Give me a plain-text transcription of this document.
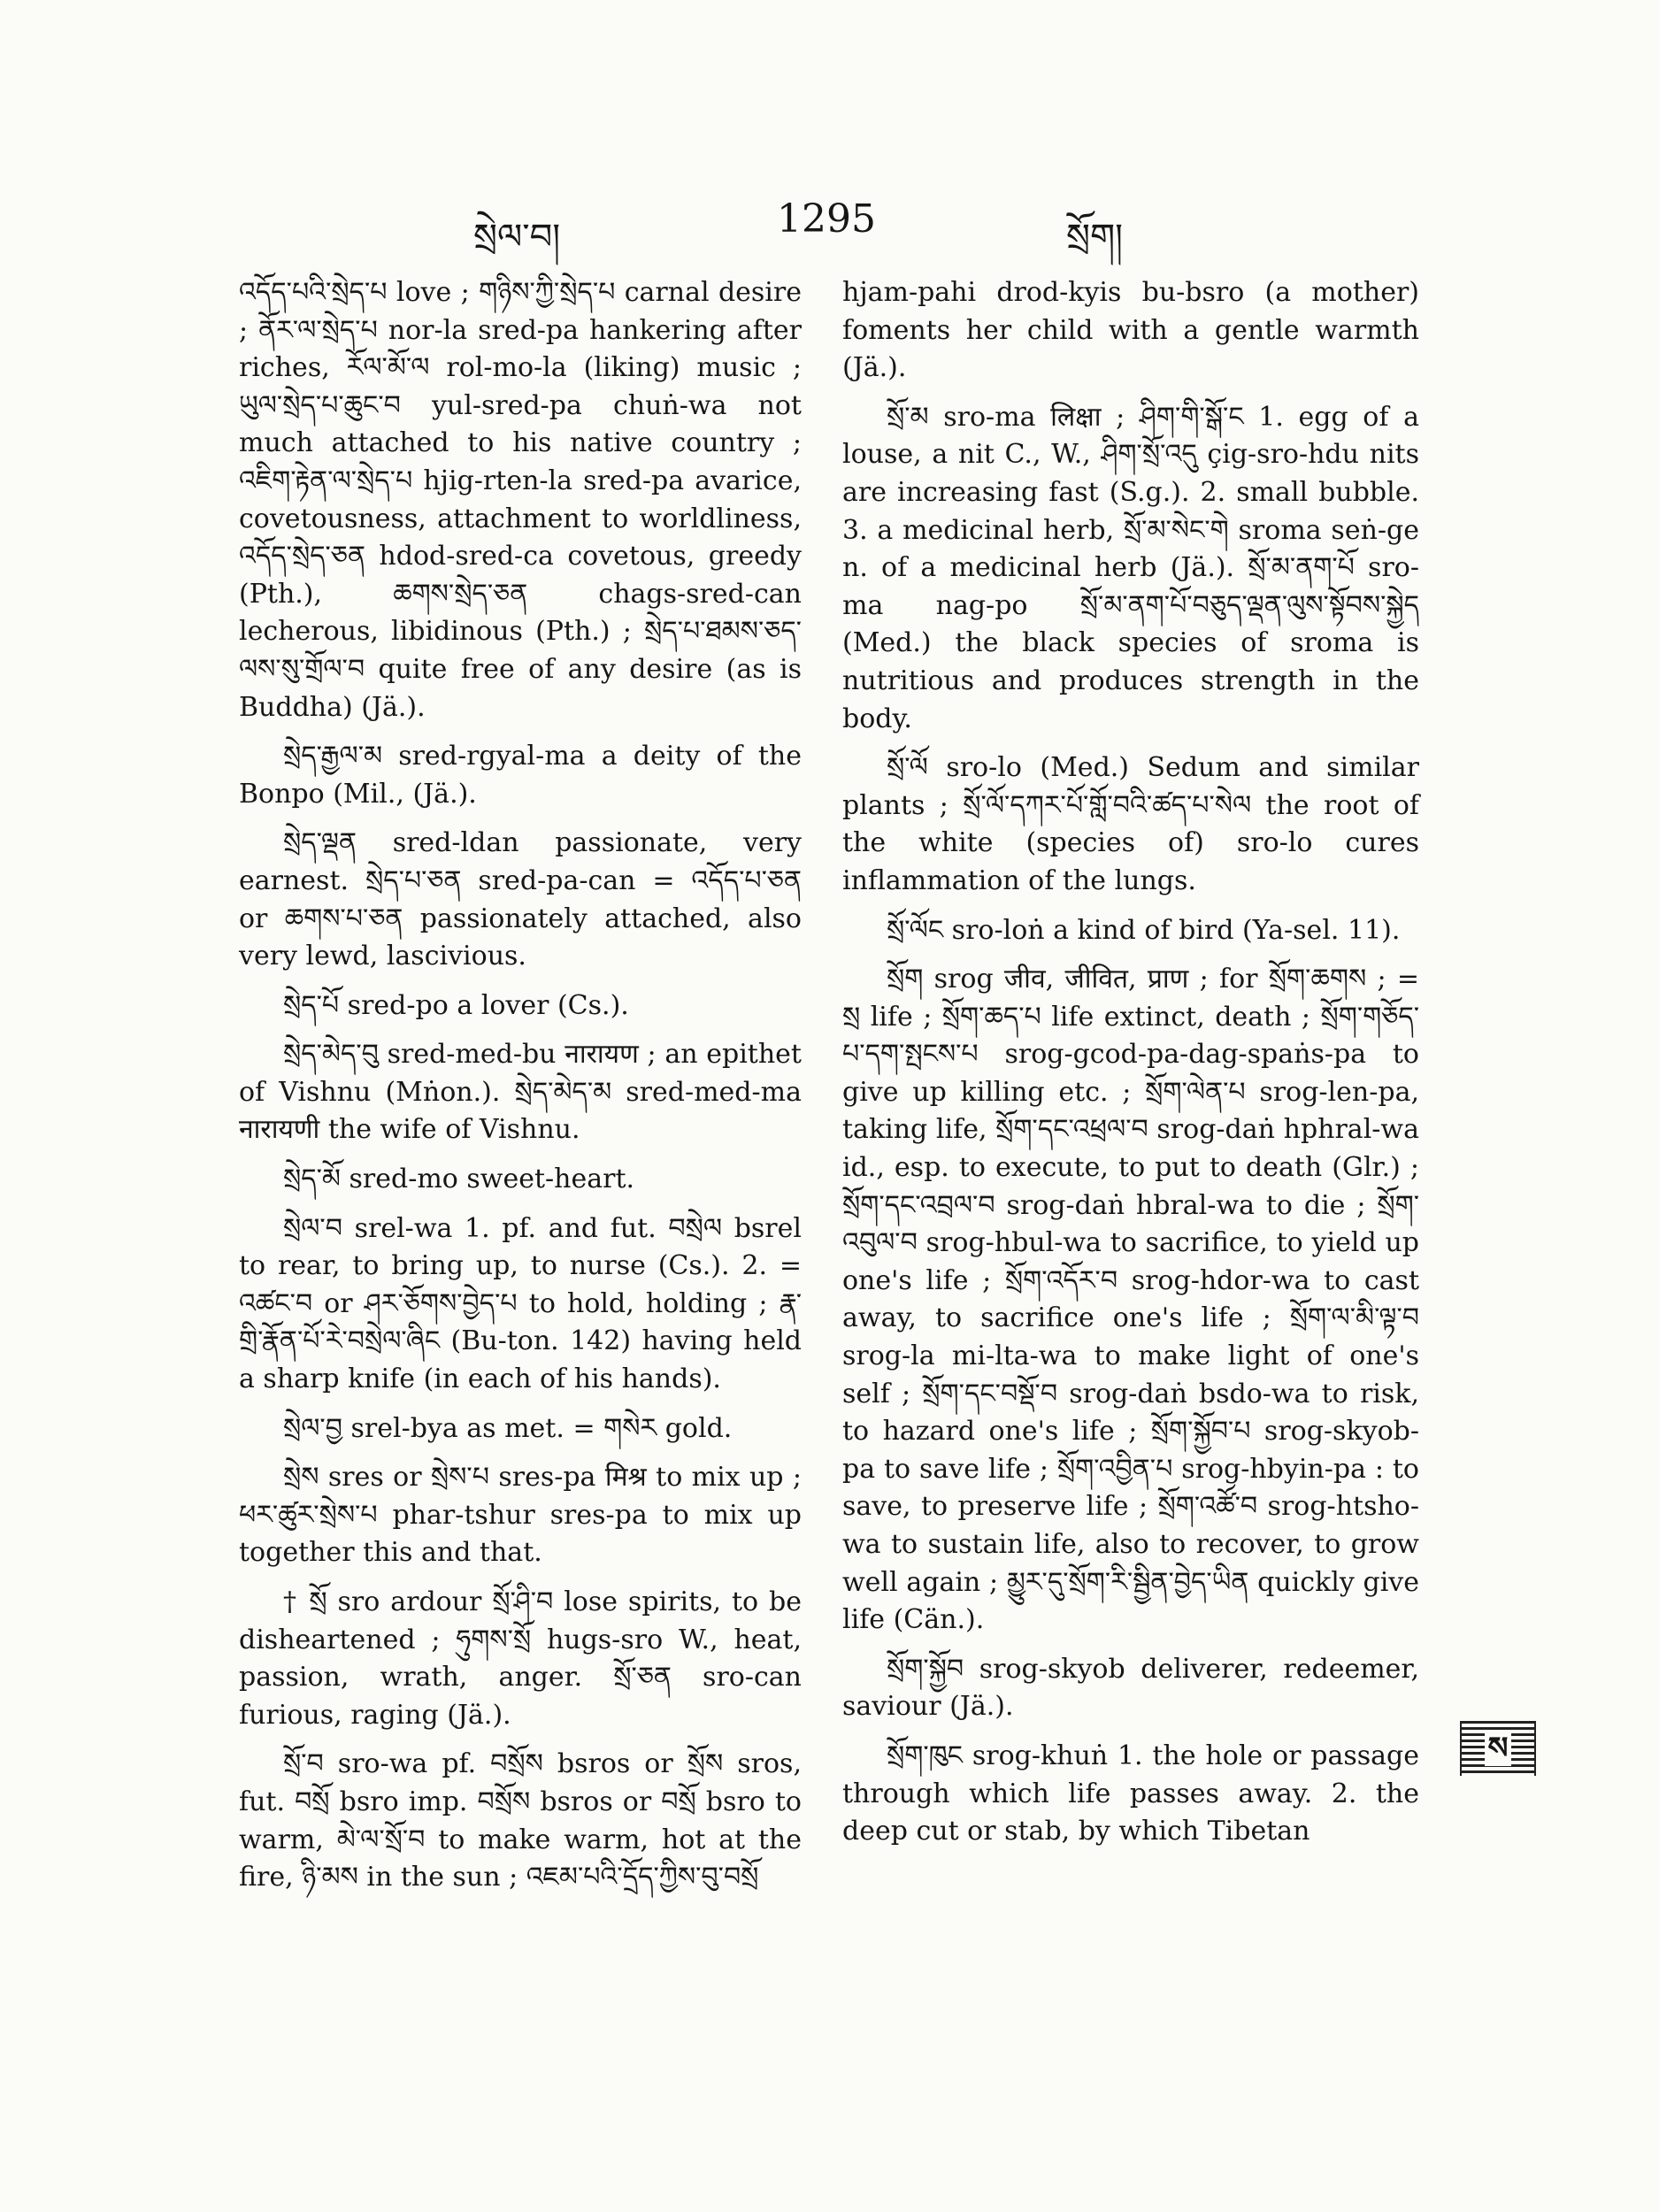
སྲེལ་བ།	1295	སྲོག།

འདོད་པའི་སྲེད་པ love ; གཉིས་ཀྱི་སྲེད་པ carnal desire ; ནོར་ལ་སྲེད་པ nor-la sred-pa hankering after riches, རོལ་མོ་ལ rol-mo-la (liking) music ; ཡུལ་སྲེད་པ་ཆུང་བ yul-sred-pa chuṅ-wa not much attached to his native country ; འཇིག་རྟེན་ལ་སྲེད་པ hjig-rten-la sred-pa avarice, covetousness, attachment to worldliness, འདོད་སྲེད་ཅན hdod-sred-ca covetous, greedy (Pth.), ཆགས་སྲེད་ཅན chags-sred-can lecherous, libidinous (Pth.) ; སྲེད་པ་ཐམས་ཅད་ལས་སུ་གྲོལ་བ quite free of any desire (as is Buddha) (Jä.).

སྲེད་རྒྱལ་མ sred-rgyal-ma a deity of the Bonpo (Mil., (Jä.).

སྲེད་ལྡན sred-ldan passionate, very earnest. སྲེད་པ་ཅན sred-pa-can = འདོད་པ་ཅན or ཆགས་པ་ཅན passionately attached, also very lewd, lascivious.

སྲེད་པོ sred-po a lover (Cs.).

སྲེད་མེད་བུ sred-med-bu नारायण ; an epithet of Vishnu (Mṅon.). སྲེད་མེད་མ sred-med-ma नारायणी the wife of Vishnu.

སྲེད་མོ sred-mo sweet-heart.

སྲེལ་བ srel-wa 1. pf. and fut. བསྲེལ bsrel to rear, to bring up, to nurse (Cs.). 2. = འཚང་བ or ཤར་ཅོགས་བྱེད་པ to hold, holding ; རྣ་གྲི་རྣོན་པོ་རེ་བསྲེལ་ཞིང (Bu-ton. 142) having held a sharp knife (in each of his hands).

སྲེལ་བྱ srel-bya as met. = གསེར gold.

སྲེས sres or སྲེས་པ sres-pa मिश्र to mix up ; ཕར་ཚུར་སྲེས་པ phar-tshur sres-pa to mix up together this and that.

† སྲོ sro ardour སྲོ་ཤི་བ lose spirits, to be disheartened ; ཧུགས་སྲོ hugs-sro W., heat, passion, wrath, anger. སྲོ་ཅན sro-can furious, raging (Jä.).

སྲོ་བ sro-wa pf. བསྲོས bsros or སྲོས sros, fut. བསྲོ bsro imp. བསྲོས bsros or བསྲོ bsro to warm, མེ་ལ་སྲོ་བ to make warm, hot at the fire, ཉི་མས in the sun ; འཇམ་པའི་དྲོད་ཀྱིས་བུ་བསྲོ

hjam-pahi drod-kyis bu-bsro (a mother) foments her child with a gentle warmth (Jä.).

སྲོ་མ sro-ma लिक्षा ; ཤིག་གི་སྒོ་ང 1. egg of a louse, a nit C., W., ཤིག་སྲོ་འདུ çig-sro-hdu nits are increasing fast (S.g.). 2. small bubble. 3. a medicinal herb, སྲོ་མ་སེང་གེ sroma seṅ-ge n. of a medicinal herb (Jä.). སྲོ་མ་ནག་པོ sro-ma nag-po སྲོ་མ་ནག་པོ་བཅུད་ལྡན་ལུས་སྟོབས་སྐྱེད (Med.) the black species of sroma is nutritious and produces strength in the body.

སྲོ་ལོ sro-lo (Med.) Sedum and similar plants ; སྲོ་ལོ་དཀར་པོ་གློ་བའི་ཚད་པ་སེལ the root of the white (species of) sro-lo cures inflammation of the lungs.

སྲོ་ལོང sro-loṅ a kind of bird (Ya-sel. 11).

སྲོག srog जीव, जीवित, प्राण ; for སྲོག་ཆགས ; = སྲ life ; སྲོག་ཆད་པ life extinct, death ; སྲོག་གཅོད་པ་དག་སྤངས་པ srog-gcod-pa-dag-spaṅs-pa to give up killing etc. ; སྲོག་ལེན་པ srog-len-pa, taking life, སྲོག་དང་འཕྲལ་བ srog-daṅ hphral-wa id., esp. to execute, to put to death (Glr.) ; སྲོག་དང་འབྲལ་བ srog-daṅ hbral-wa to die ; སྲོག་འབུལ་བ srog-hbul-wa to sacrifice, to yield up one's life ; སྲོག་འདོར་བ srog-hdor-wa to cast away, to sacrifice one's life ; སྲོག་ལ་མི་ལྟ་བ srog-la mi-lta-wa to make light of one's self ; སྲོག་དང་བསྡོ་བ srog-daṅ bsdo-wa to risk, to hazard one's life ; སྲོག་སྐྱོབ་པ srog-skyob-pa to save life ; སྲོག་འབྱིན་པ srog-hbyin-pa : to save, to preserve life ; སྲོག་འཚོ་བ srog-htsho-wa to sustain life, also to recover, to grow well again ; མྱུར་དུ་སྲོག་རི་སྦྱིན་བྱེད་ཡིན quickly give life (Cän.).

སྲོག་སྐྱོབ srog-skyob deliverer, redeemer, saviour (Jä.).

སྲོག་ཁུང srog-khuṅ 1. the hole or passage through which life passes away. 2. the deep cut or stab, by which Tibetan

ས
